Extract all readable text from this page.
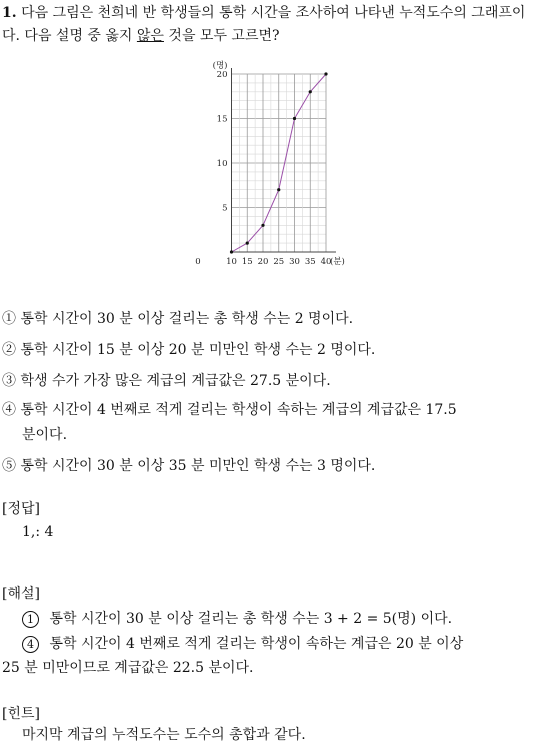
1. 다음 그림은 천희네 반 학생들의 통학 시간을 조사하여 나타낸 누적도수의 그래프이다. 다음 설명 중 옳지 않은 것을 모두 고르면?
0	10 15 20 25 30 35 40
5
10
15
20
(명)
(분)
① 통학 시간이 30 분 이상 걸리는 총 학생 수는 2 명이다.
② 통학 시간이 15 분 이상 20 분 미만인 학생 수는 2 명이다.
③ 학생 수가 가장 많은 계급의 계급값은 27.5 분이다.
④ 통학 시간이 4 번째로 적게 걸리는 학생이 속하는 계급의 계급값은 17.5
분이다.
⑤ 통학 시간이 30 분 이상 35 분 미만인 학생 수는 3 명이다.
[정답]
1,: 4
[해설]
1 통학 시간이 30 분 이상 걸리는 총 학생 수는 3 + 2 = 5(명) 이다.
4 통학 시간이 4 번째로 적게 걸리는 학생이 속하는 계급은 20 분 이상
25 분 미만이므로 계급값은 22.5 분이다.
[힌트]
마지막 계급의 누적도수는 도수의 총합과 같다.
